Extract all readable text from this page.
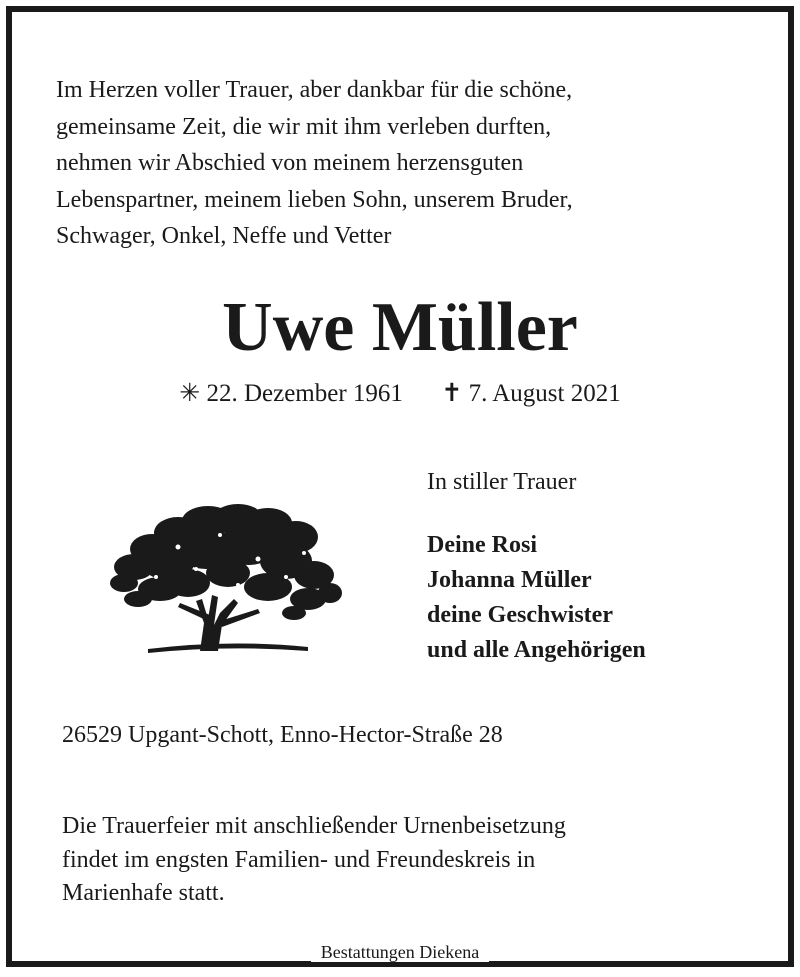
Im Herzen voller Trauer, aber dankbar für die schöne,
gemeinsame Zeit, die wir mit ihm verleben durften,
nehmen wir Abschied von meinem herzensguten
Lebenspartner, meinem lieben Sohn, unserem Bruder,
Schwager, Onkel, Neffe und Vetter
Uwe Müller
✳ 22. Dezember 1961 ✝ 7. August 2021
In stiller Trauer
Deine Rosi
Johanna Müller
deine Geschwister
und alle Angehörigen
26529 Upgant-Schott, Enno-Hector-Straße 28
Die Trauerfeier mit anschließender Urnenbeisetzung
findet im engsten Familien- und Freundeskreis in
Marienhafe statt.
Bestattungen Diekena
